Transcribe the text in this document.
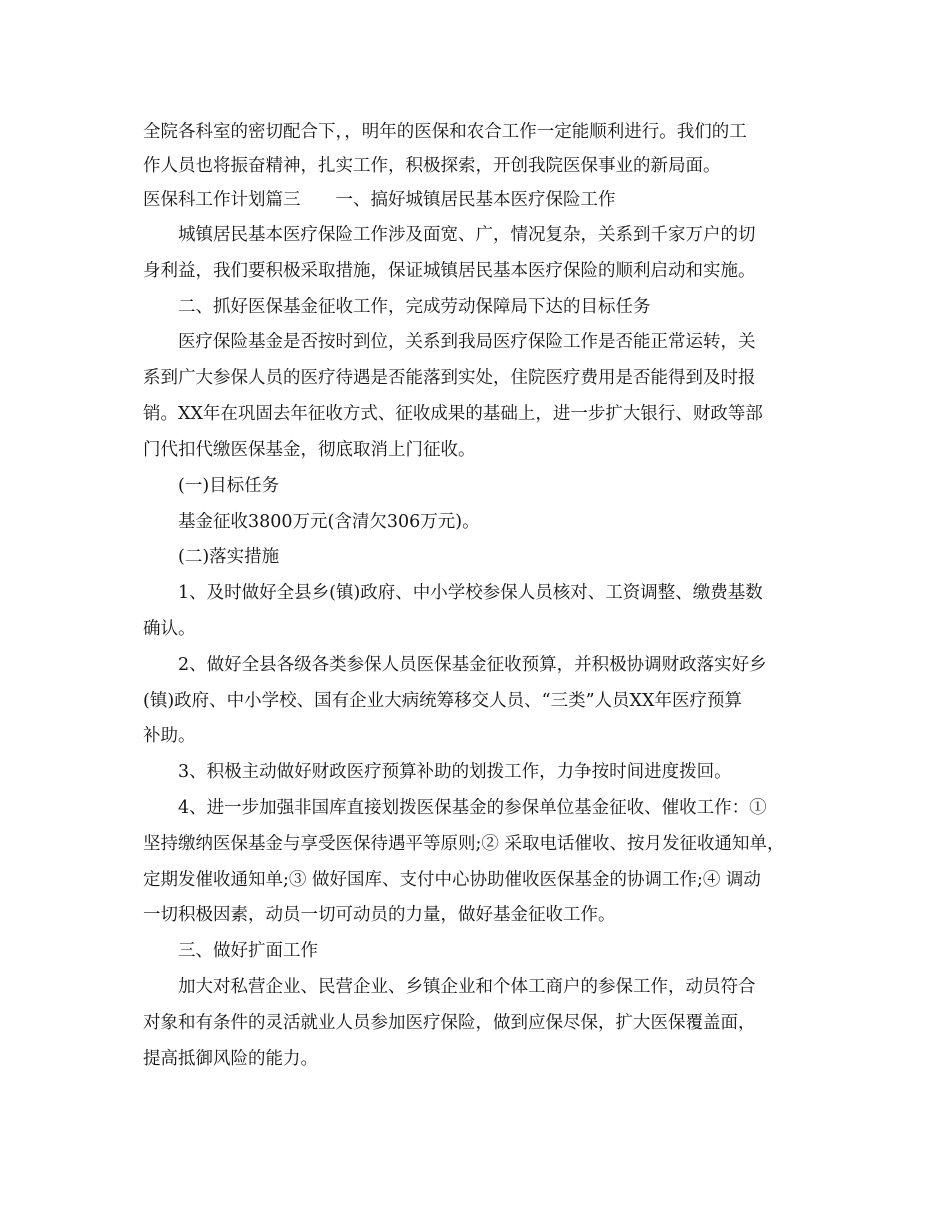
全院各科室的密切配合下，，明年的医保和农合工作一定能顺利进行。我们的工
作人员也将振奋精神，扎实工作，积极探索，开创我院医保事业的新局面。
医保科工作计划篇三　　一、搞好城镇居民基本医疗保险工作
城镇居民基本医疗保险工作涉及面宽、广，情况复杂，关系到千家万户的切
身利益，我们要积极采取措施，保证城镇居民基本医疗保险的顺利启动和实施。
二、抓好医保基金征收工作，完成劳动保障局下达的目标任务
医疗保险基金是否按时到位，关系到我局医疗保险工作是否能正常运转，关
系到广大参保人员的医疗待遇是否能落到实处，住院医疗费用是否能得到及时报
销。XX年在巩固去年征收方式、征收成果的基础上，进一步扩大银行、财政等部
门代扣代缴医保基金，彻底取消上门征收。
(一)目标任务
基金征收3800万元(含清欠306万元)。
(二)落实措施
1、及时做好全县乡(镇)政府、中小学校参保人员核对、工资调整、缴费基数
确认。
2、做好全县各级各类参保人员医保基金征收预算，并积极协调财政落实好乡
(镇)政府、中小学校、国有企业大病统筹移交人员、“三类”人员XX年医疗预算
补助。
3、积极主动做好财政医疗预算补助的划拨工作，力争按时间进度拨回。
4、进一步加强非国库直接划拨医保基金的参保单位基金征收、催收工作：①
坚持缴纳医保基金与享受医保待遇平等原则;② 采取电话催收、按月发征收通知单，
定期发催收通知单;③ 做好国库、支付中心协助催收医保基金的协调工作;④ 调动
一切积极因素，动员一切可动员的力量，做好基金征收工作。
三、做好扩面工作
加大对私营企业、民营企业、乡镇企业和个体工商户的参保工作，动员符合
对象和有条件的灵活就业人员参加医疗保险，做到应保尽保，扩大医保覆盖面，
提高抵御风险的能力。
